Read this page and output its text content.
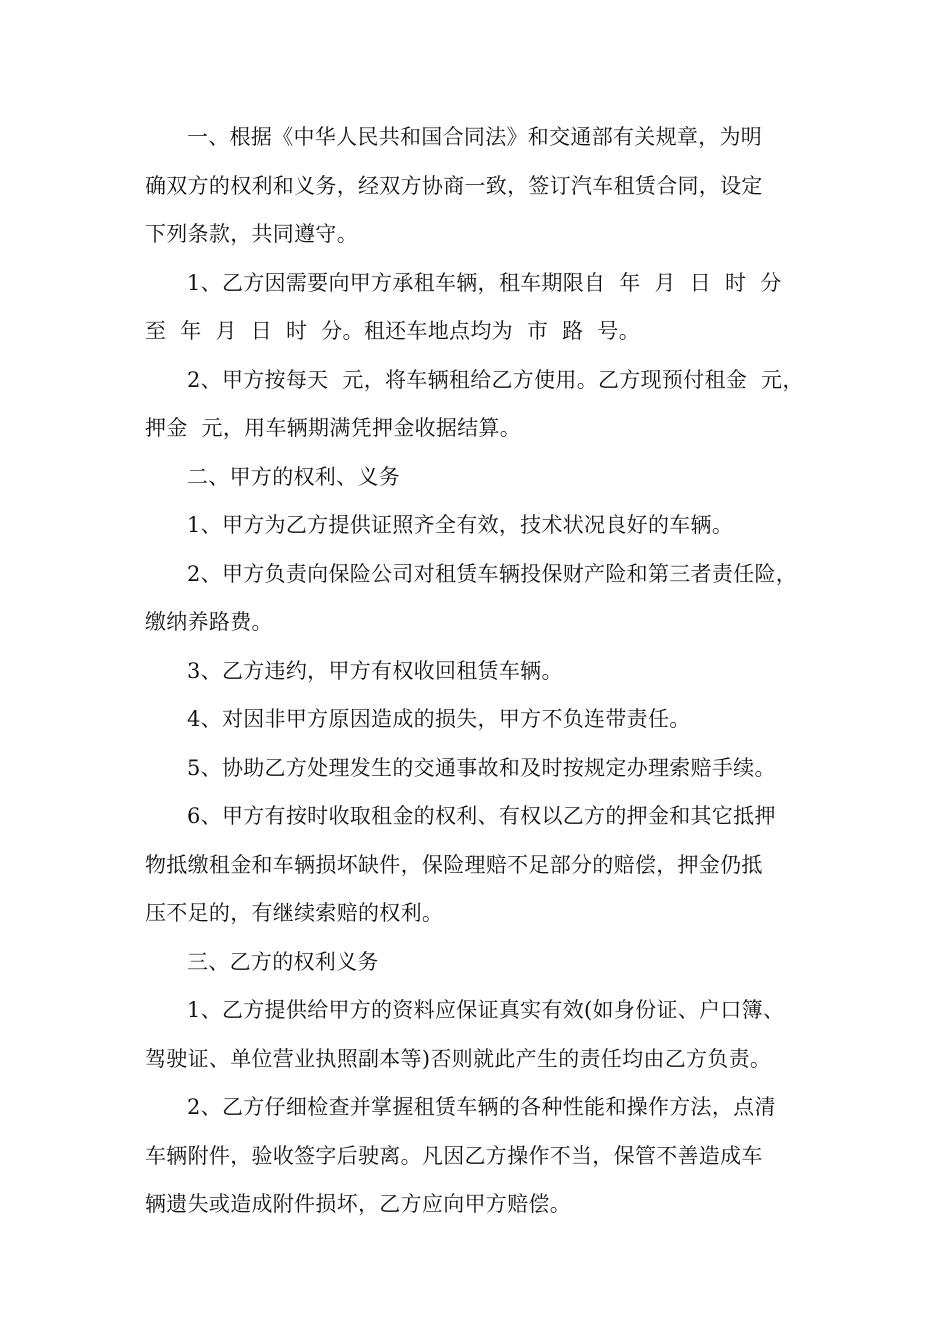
一、根据《中华人民共和国合同法》和交通部有关规章，为明
确双方的权利和义务，经双方协商一致，签订汽车租赁合同，设定
下列条款，共同遵守。
1、乙方因需要向甲方承租车辆，租车期限自  年  月  日  时  分
至  年  月  日  时  分。租还车地点均为  市  路  号。
2、甲方按每天  元，将车辆租给乙方使用。乙方现预付租金  元，
押金  元，用车辆期满凭押金收据结算。
二、甲方的权利、义务
1、甲方为乙方提供证照齐全有效，技术状况良好的车辆。
2、甲方负责向保险公司对租赁车辆投保财产险和第三者责任险，
缴纳养路费。
3、乙方违约，甲方有权收回租赁车辆。
4、对因非甲方原因造成的损失，甲方不负连带责任。
5、协助乙方处理发生的交通事故和及时按规定办理索赔手续。
6、甲方有按时收取租金的权利、有权以乙方的押金和其它抵押
物抵缴租金和车辆损坏缺件，保险理赔不足部分的赔偿，押金仍抵
压不足的，有继续索赔的权利。
三、乙方的权利义务
1、乙方提供给甲方的资料应保证真实有效(如身份证、户口簿、
驾驶证、单位营业执照副本等)否则就此产生的责任均由乙方负责。
2、乙方仔细检查并掌握租赁车辆的各种性能和操作方法，点清
车辆附件，验收签字后驶离。凡因乙方操作不当，保管不善造成车
辆遗失或造成附件损坏，乙方应向甲方赔偿。
